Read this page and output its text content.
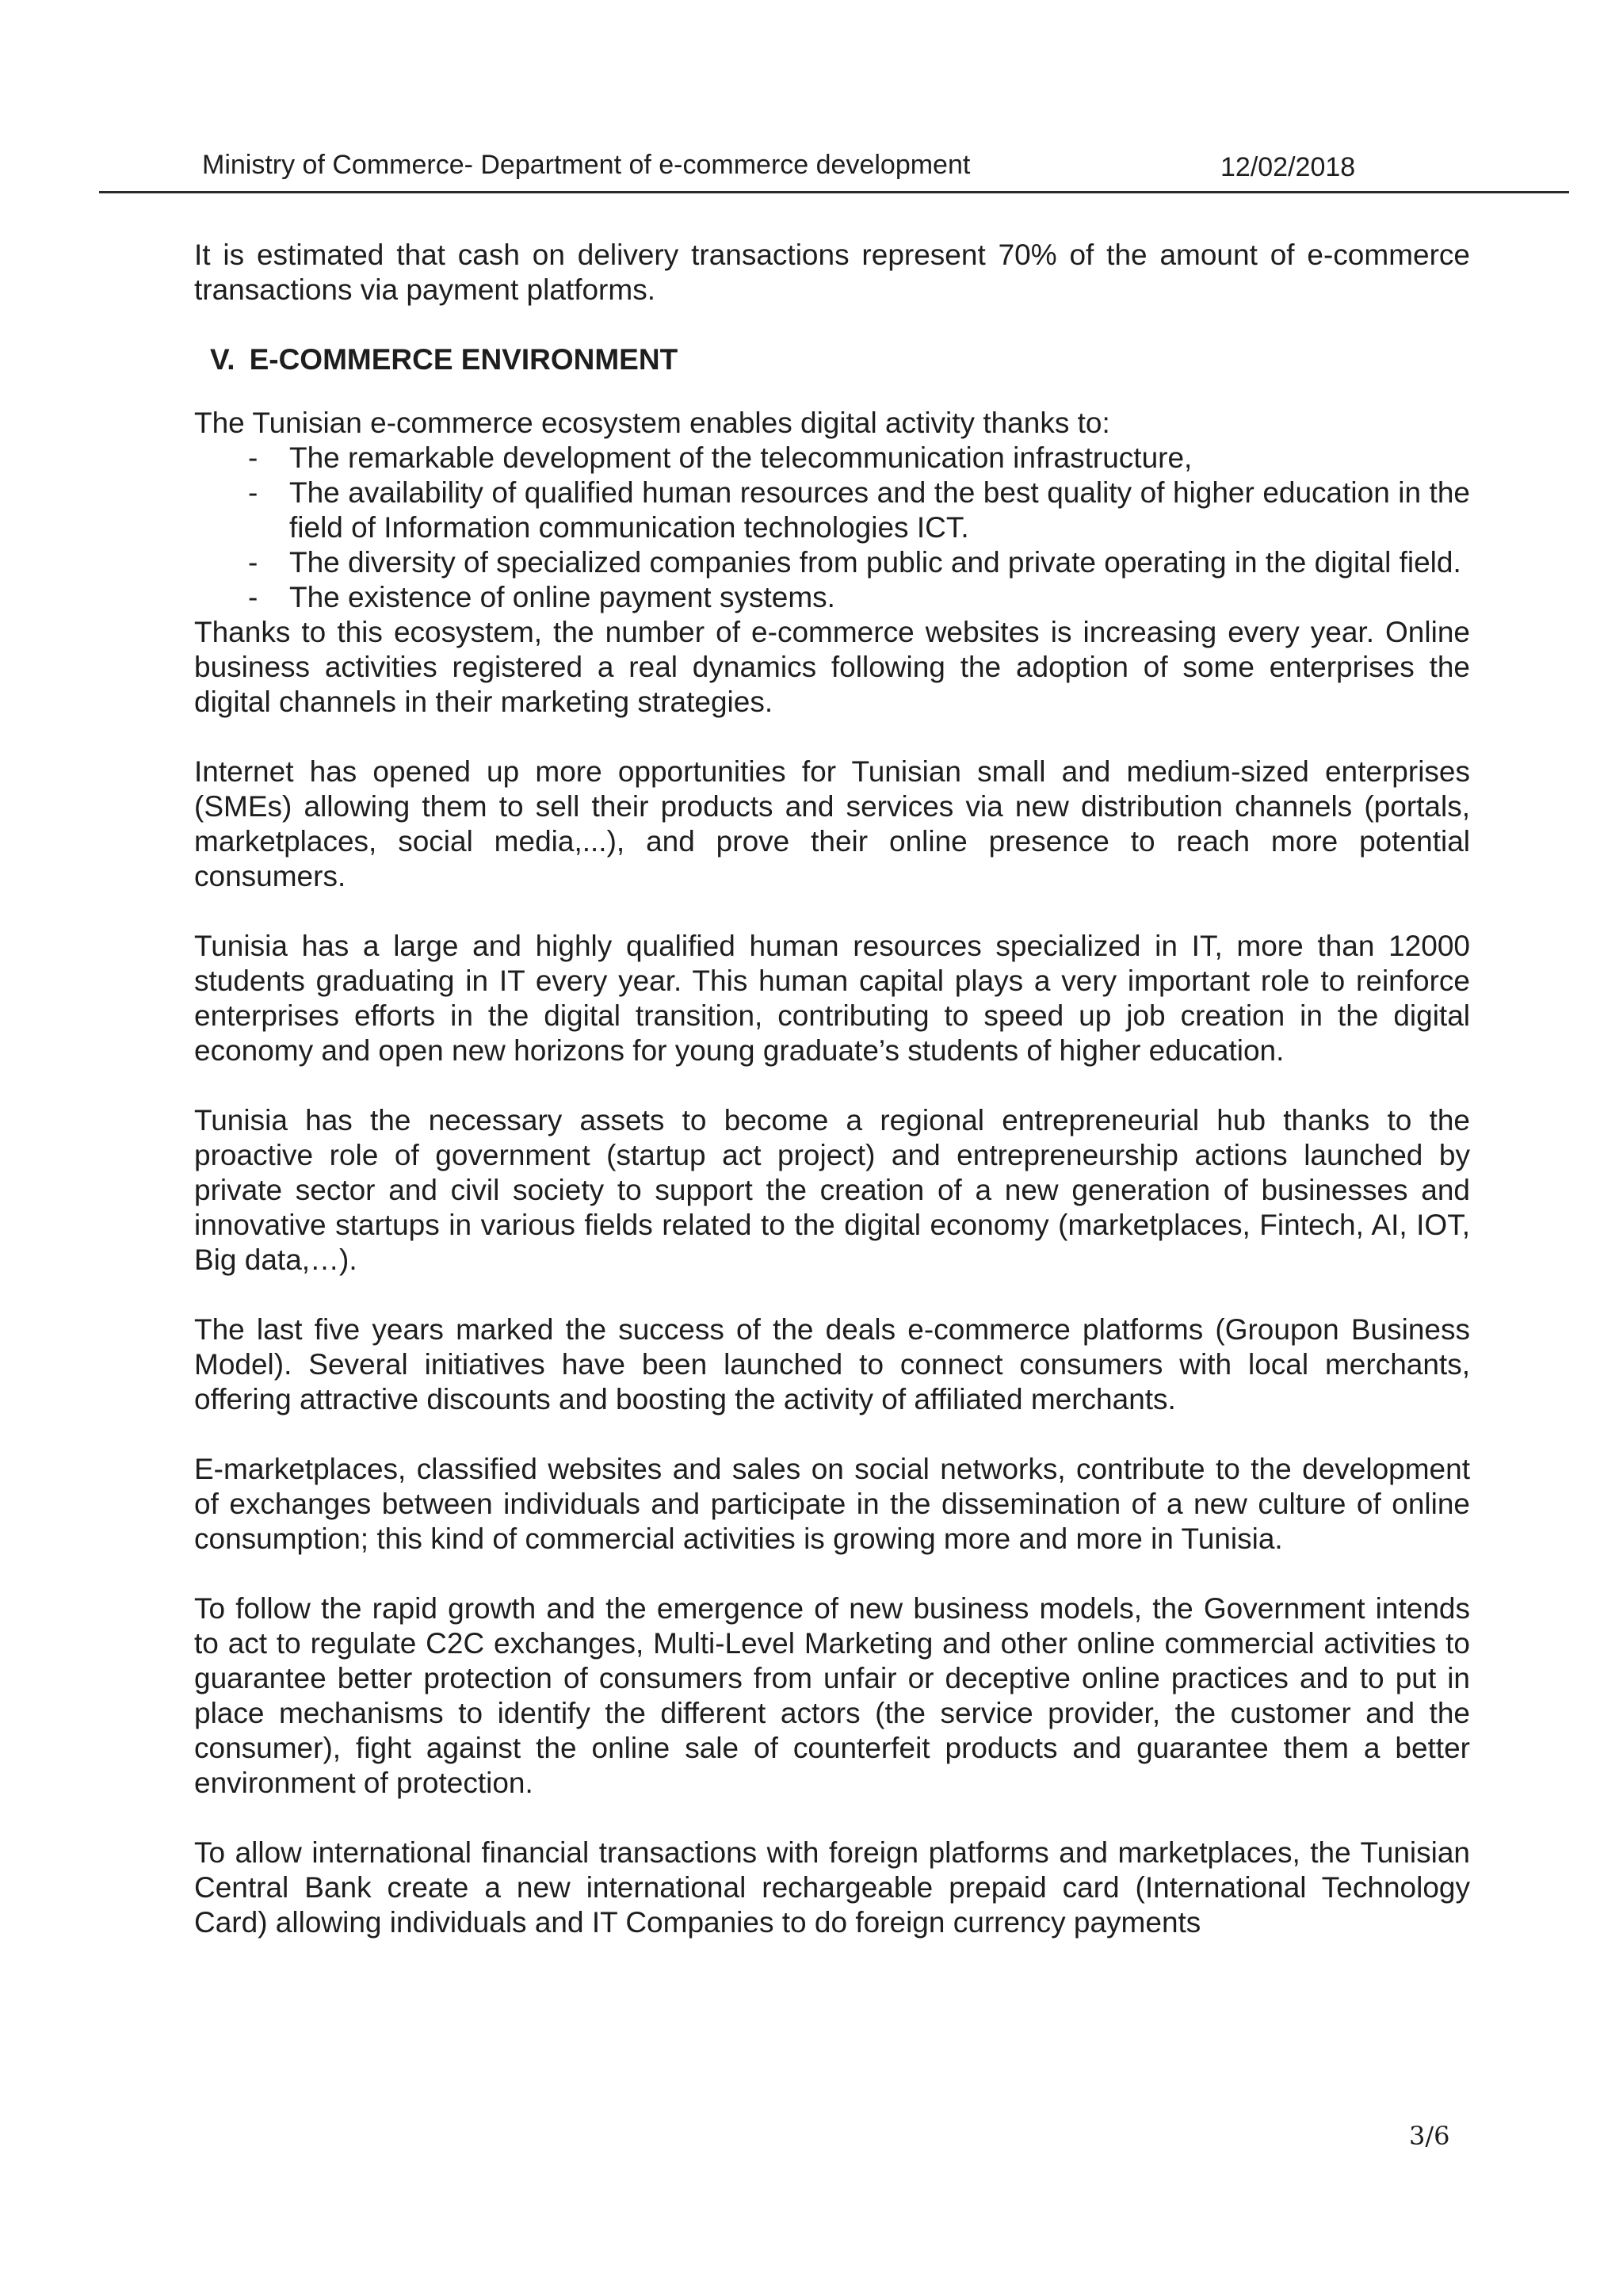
Ministry of Commerce- Department of e-commerce development	12/02/2018

It is estimated that cash on delivery transactions represent 70% of the amount of e-commerce transactions via payment platforms.

V. E-COMMERCE ENVIRONMENT

The Tunisian e-commerce ecosystem enables digital activity thanks to:

- The remarkable development of the telecommunication infrastructure,
- The availability of qualified human resources and the best quality of higher education in the field of Information communication technologies ICT.
- The diversity of specialized companies from public and private operating in the digital field.
- The existence of online payment systems.

Thanks to this ecosystem, the number of e-commerce websites is increasing every year. Online business activities registered a real dynamics following the adoption of some enterprises the digital channels in their marketing strategies.

Internet has opened up more opportunities for Tunisian small and medium-sized enterprises (SMEs) allowing them to sell their products and services via new distribution channels (portals, marketplaces, social media,...), and prove their online presence to reach more potential consumers.

Tunisia has a large and highly qualified human resources specialized in IT, more than 12000 students graduating in IT every year. This human capital plays a very important role to reinforce enterprises efforts in the digital transition, contributing to speed up job creation in the digital economy and open new horizons for young graduate’s students of higher education.

Tunisia has the necessary assets to become a regional entrepreneurial hub thanks to the proactive role of government (startup act project) and entrepreneurship actions launched by private sector and civil society to support the creation of a new generation of businesses and innovative startups in various fields related to the digital economy (marketplaces, Fintech, AI, IOT, Big data,…).

The last five years marked the success of the deals e-commerce platforms (Groupon Business Model). Several initiatives have been launched to connect consumers with local merchants, offering attractive discounts and boosting the activity of affiliated merchants.

E-marketplaces, classified websites and sales on social networks, contribute to the development of exchanges between individuals and participate in the dissemination of a new culture of online consumption; this kind of commercial activities is growing more and more in Tunisia.

To follow the rapid growth and the emergence of new business models, the Government intends to act to regulate C2C exchanges, Multi-Level Marketing and other online commercial activities to guarantee better protection of consumers from unfair or deceptive online practices and to put in place mechanisms to identify the different actors (the service provider, the customer and the consumer), fight against the online sale of counterfeit products and guarantee them a better environment of protection.

To allow international financial transactions with foreign platforms and marketplaces, the Tunisian Central Bank create a new international rechargeable prepaid card (International Technology Card) allowing individuals and IT Companies to do foreign currency payments

3/6
